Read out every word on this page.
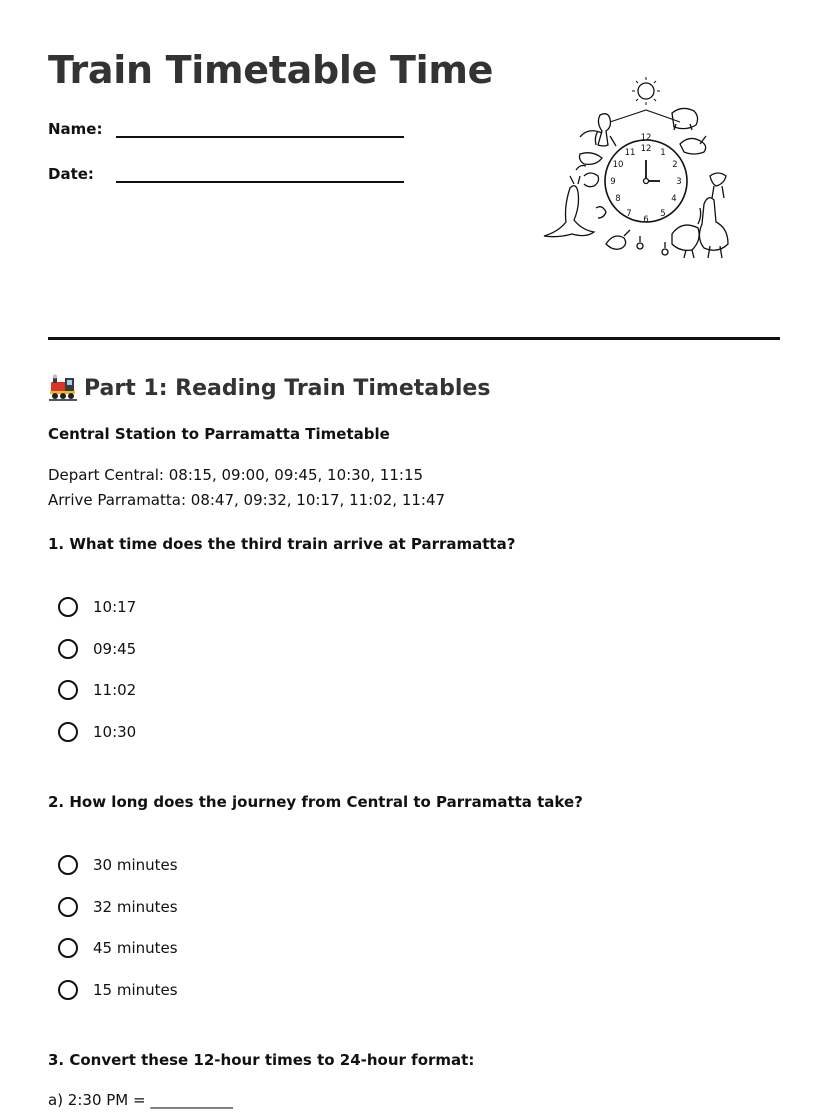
Train Timetable Time
Name:
Date:
12
12 1
2
3
4
5
6
7
8
9
10
11
Part 1: Reading Train Timetables
Central Station to Parramatta Timetable
Depart Central: 08:15, 09:00, 09:45, 10:30, 11:15
Arrive Parramatta: 08:47, 09:32, 10:17, 11:02, 11:47
1. What time does the third train arrive at Parramatta?
10:17
09:45
11:02
10:30
2. How long does the journey from Central to Parramatta take?
30 minutes
32 minutes
45 minutes
15 minutes
3. Convert these 12-hour times to 24-hour format:
a) 2:30 PM = ___________
